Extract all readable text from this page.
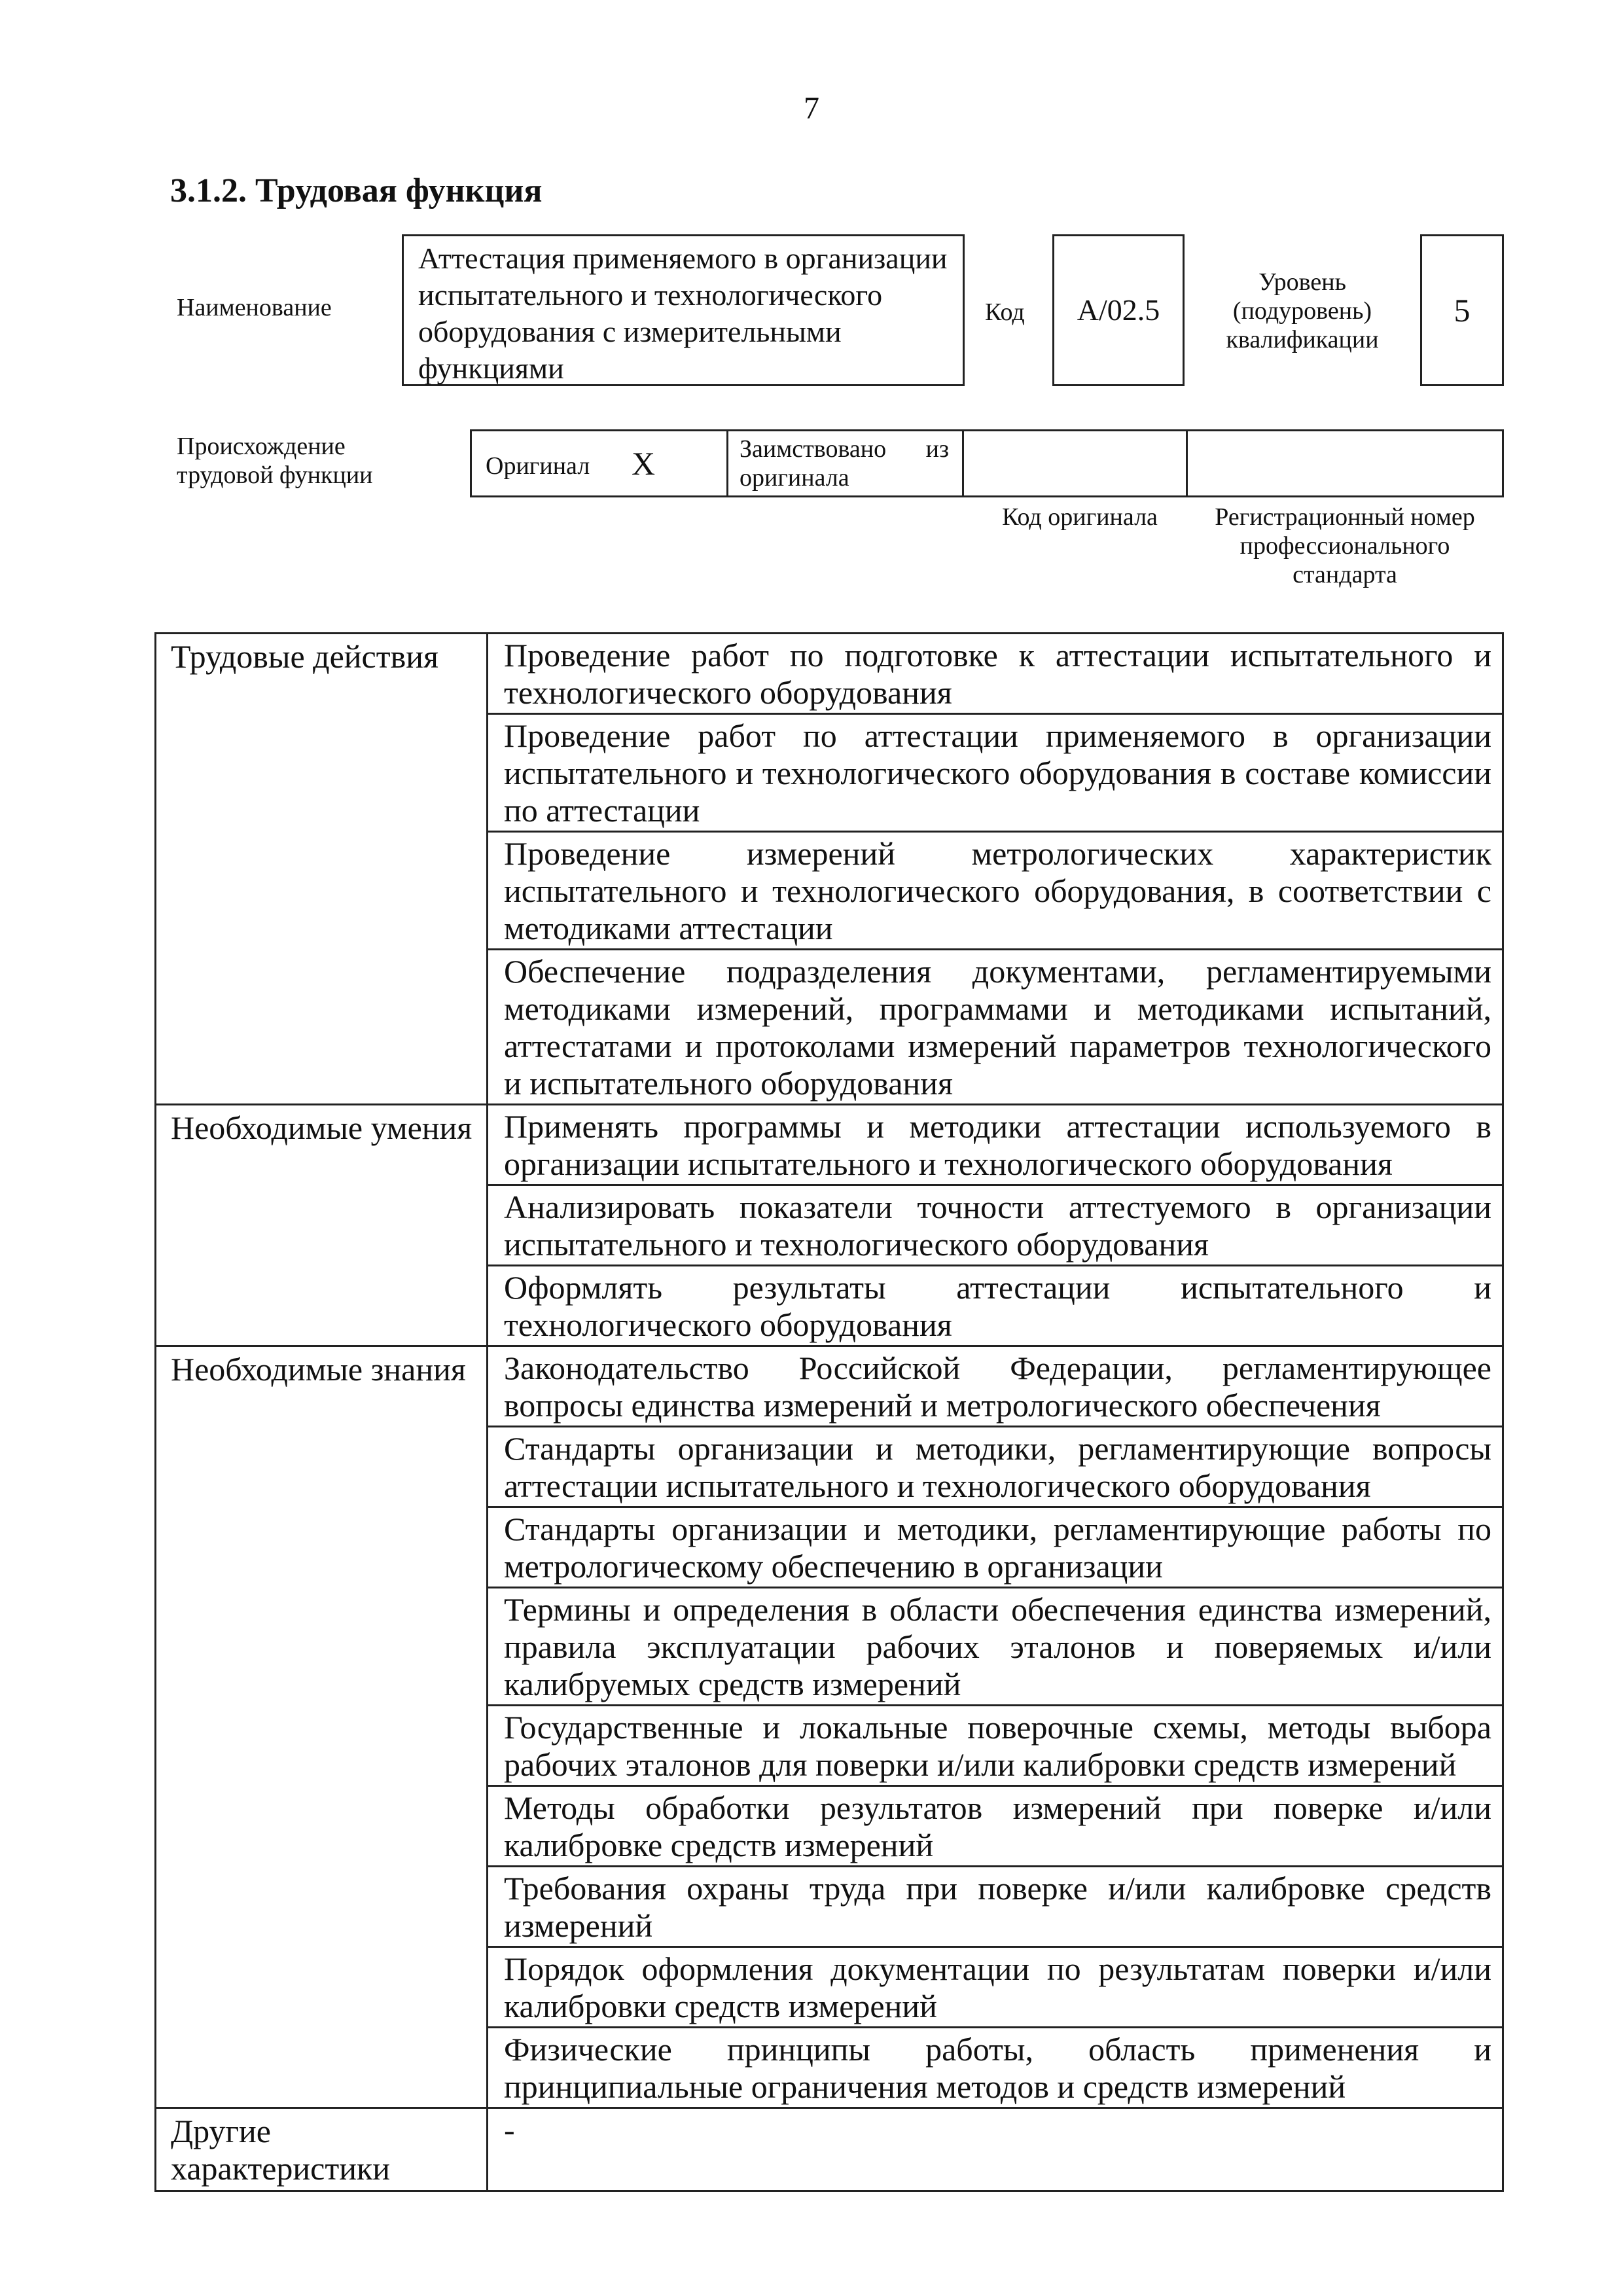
7
3.1.2. Трудовая функция
Наименование
Аттестация применяемого в организации испытательного и технологического оборудования с измерительными функциями
Код А/02.5
Уровень (подуровень) квалификации
5
Происхождение трудовой функции	Оригинал X	Заимствовано из оригинала
Код оригинала	Регистрационный номер профессионального стандарта
Трудовые действия	Проведение работ по подготовке к аттестации испытательного и технологического оборудования
	Проведение работ по аттестации применяемого в организации испытательного и технологического оборудования в составе комиссии по аттестации
	Проведение измерений метрологических характеристик испытательного и технологического оборудования, в соответствии с методиками аттестации
	Обеспечение подразделения документами, регламентируемыми методиками измерений, программами и методиками испытаний, аттестатами и протоколами измерений параметров технологического и испытательного оборудования
Необходимые умения	Применять программы и методики аттестации используемого в организации испытательного и технологического оборудования
	Анализировать показатели точности аттестуемого в организации испытательного и технологического оборудования
	Оформлять результаты аттестации испытательного и технологического оборудования
Необходимые знания	Законодательство Российской Федерации, регламентирующее вопросы единства измерений и метрологического обеспечения
	Стандарты организации и методики, регламентирующие вопросы аттестации испытательного и технологического оборудования
	Стандарты организации и методики, регламентирующие работы по метрологическому обеспечению в организации
	Термины и определения в области обеспечения единства измерений, правила эксплуатации рабочих эталонов и поверяемых и/или калибруемых средств измерений
	Государственные и локальные поверочные схемы, методы выбора рабочих эталонов для поверки и/или калибровки средств измерений
	Методы обработки результатов измерений при поверке и/или калибровке средств измерений
	Требования охраны труда при поверке и/или калибровке средств измерений
	Порядок оформления документации по результатам поверки и/или калибровки средств измерений
	Физические принципы работы, область применения и принципиальные ограничения методов и средств измерений
Другие характеристики	-
